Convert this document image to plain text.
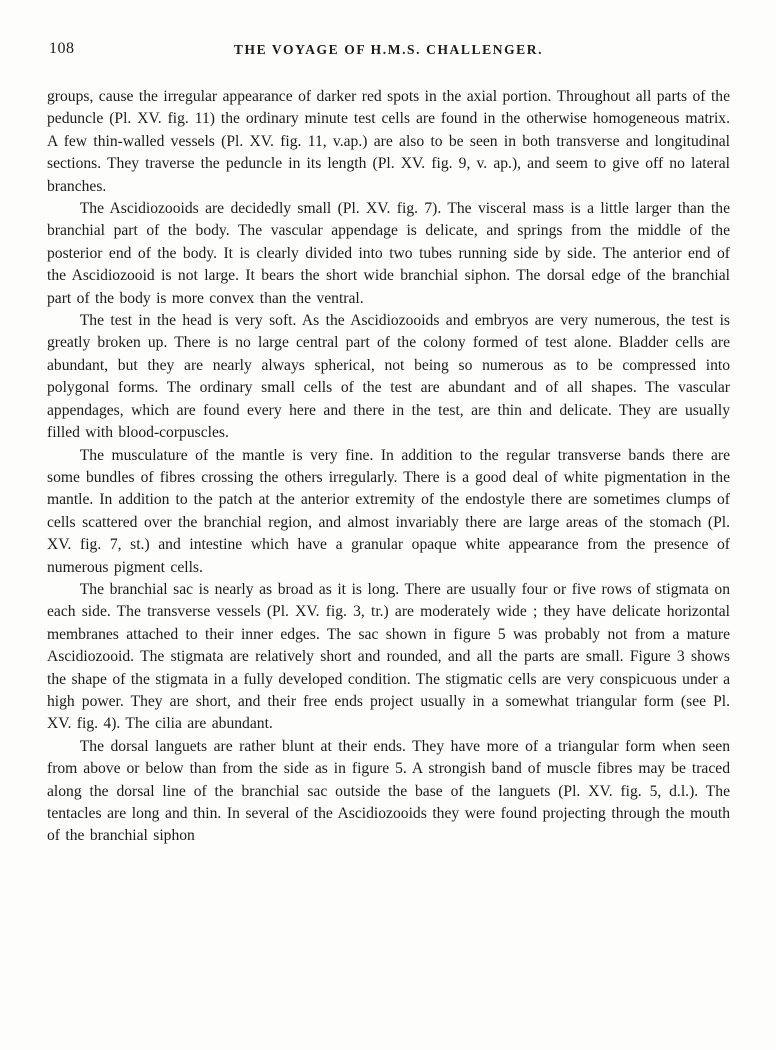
108	THE VOYAGE OF H.M.S. CHALLENGER.

groups, cause the irregular appearance of darker red spots in the axial portion. Throughout all parts of the peduncle (Pl. XV. fig. 11) the ordinary minute test cells are found in the otherwise homogeneous matrix. A few thin-walled vessels (Pl. XV. fig. 11, v.ap.) are also to be seen in both transverse and longitudinal sections. They traverse the peduncle in its length (Pl. XV. fig. 9, v. ap.), and seem to give off no lateral branches.

The Ascidiozooids are decidedly small (Pl. XV. fig. 7). The visceral mass is a little larger than the branchial part of the body. The vascular appendage is delicate, and springs from the middle of the posterior end of the body. It is clearly divided into two tubes running side by side. The anterior end of the Ascidiozooid is not large. It bears the short wide branchial siphon. The dorsal edge of the branchial part of the body is more convex than the ventral.

The test in the head is very soft. As the Ascidiozooids and embryos are very numerous, the test is greatly broken up. There is no large central part of the colony formed of test alone. Bladder cells are abundant, but they are nearly always spherical, not being so numerous as to be compressed into polygonal forms. The ordinary small cells of the test are abundant and of all shapes. The vascular appendages, which are found every here and there in the test, are thin and delicate. They are usually filled with blood-corpuscles.

The musculature of the mantle is very fine. In addition to the regular transverse bands there are some bundles of fibres crossing the others irregularly. There is a good deal of white pigmentation in the mantle. In addition to the patch at the anterior extremity of the endostyle there are sometimes clumps of cells scattered over the branchial region, and almost invariably there are large areas of the stomach (Pl. XV. fig. 7, st.) and intestine which have a granular opaque white appearance from the presence of numerous pigment cells.

The branchial sac is nearly as broad as it is long. There are usually four or five rows of stigmata on each side. The transverse vessels (Pl. XV. fig. 3, tr.) are moderately wide ; they have delicate horizontal membranes attached to their inner edges. The sac shown in figure 5 was probably not from a mature Ascidiozooid. The stigmata are relatively short and rounded, and all the parts are small. Figure 3 shows the shape of the stigmata in a fully developed condition. The stigmatic cells are very conspicuous under a high power. They are short, and their free ends project usually in a somewhat triangular form (see Pl. XV. fig. 4). The cilia are abundant.

The dorsal languets are rather blunt at their ends. They have more of a triangular form when seen from above or below than from the side as in figure 5. A strongish band of muscle fibres may be traced along the dorsal line of the branchial sac outside the base of the languets (Pl. XV. fig. 5, d.l.). The tentacles are long and thin. In several of the Ascidiozooids they were found projecting through the mouth of the branchial siphon
